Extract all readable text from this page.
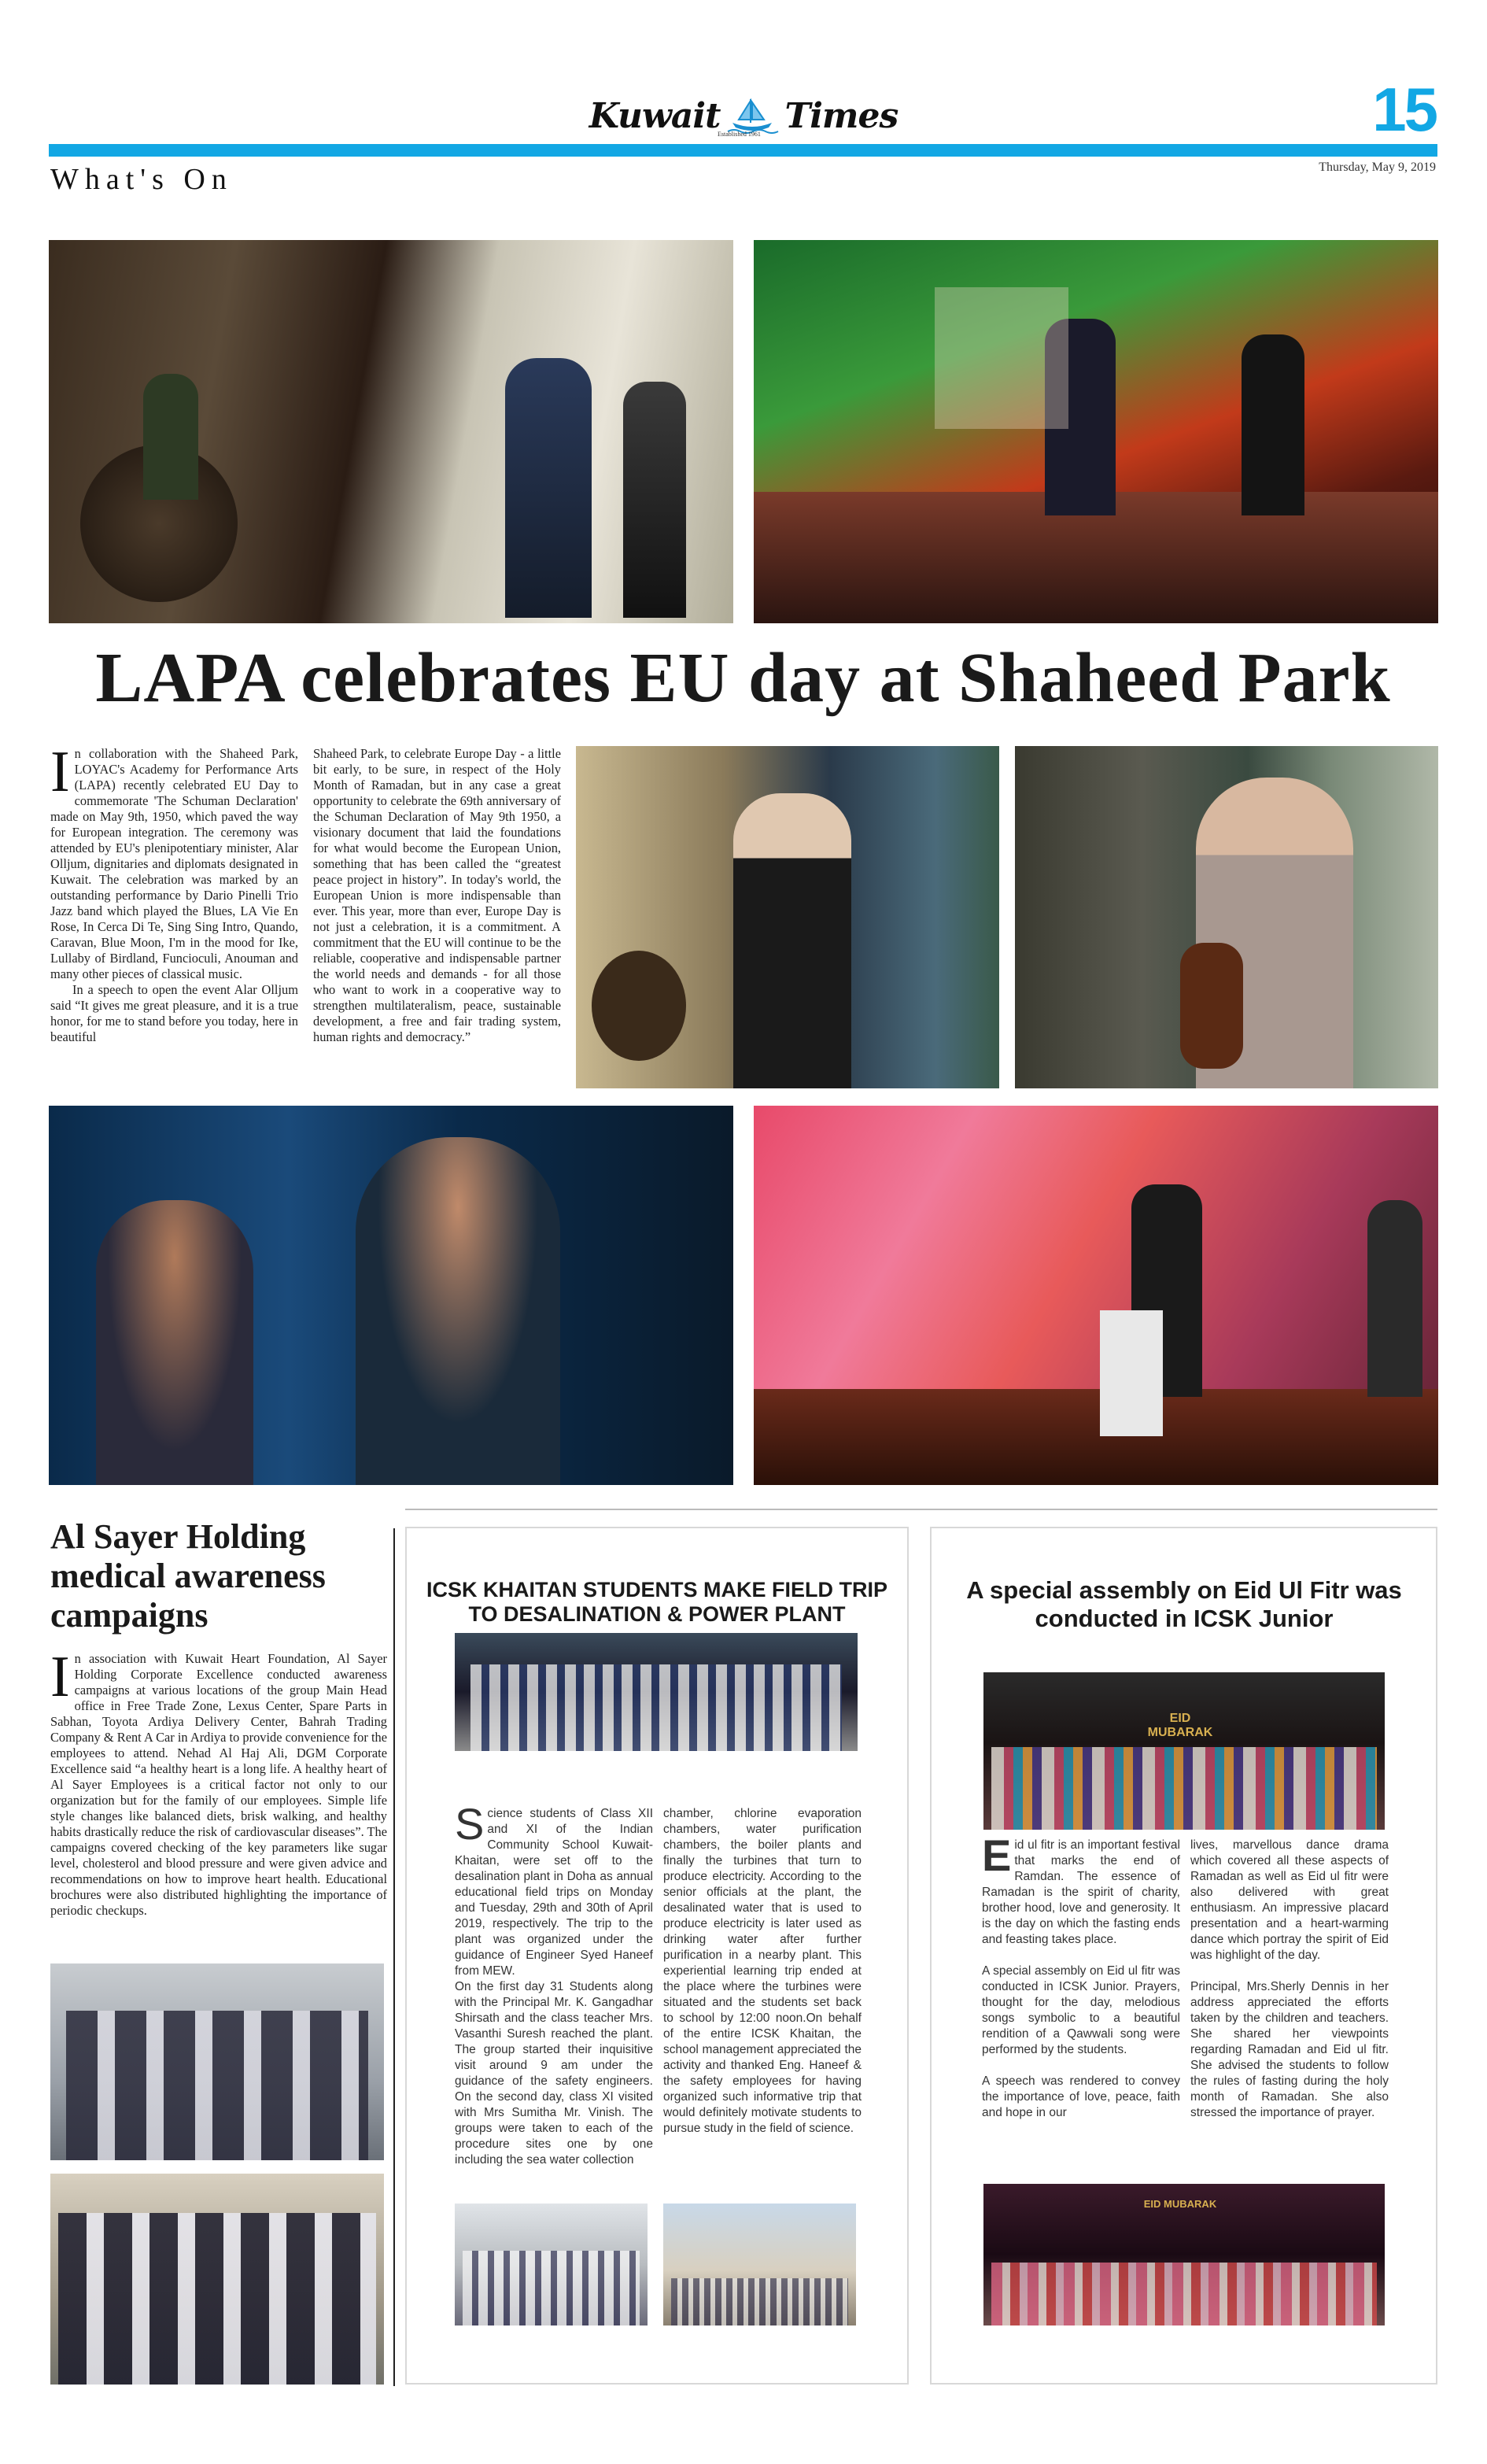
Kuwait Times
Established 1961	15
What's On	Thursday, May 9, 2019
LAPA celebrates EU day at Shaheed Park

In collaboration with the Shaheed Park, LOYAC's Academy for Performance Arts (LAPA) recently celebrated EU Day to commemorate 'The Schuman Declaration' made on May 9th, 1950, which paved the way for European integration. The ceremony was attended by EU's plenipotentiary minister, Alar Olljum, dignitaries and diplomats designated in Kuwait. The celebration was marked by an outstanding performance by Dario Pinelli Trio Jazz band which played the Blues, LA Vie En Rose, In Cerca Di Te, Sing Sing Intro, Quando, Caravan, Blue Moon, I'm in the mood for Ike, Lullaby of Birdland, Funcioculi, Anouman and many other pieces of classical music.

In a speech to open the event Alar Olljum said “It gives me great pleasure, and it is a true honor, for me to stand before you today, here in beautiful

Shaheed Park, to celebrate Europe Day - a little bit early, to be sure, in respect of the Holy Month of Ramadan, but in any case a great opportunity to celebrate the 69th anniversary of the Schuman Declaration of May 9th 1950, a visionary document that laid the foundations for what would become the European Union, something that has been called the “greatest peace project in history”. In today's world, the European Union is more indispensable than ever. This year, more than ever, Europe Day is not just a celebration, it is a commitment. A commitment that the EU will continue to be the reliable, cooperative and indispensable partner the world needs and demands - for all those who want to work in a cooperative way to strengthen multilateralism, peace, sustainable development, a free and fair trading system, human rights and democracy.”

Al Sayer Holding medical awareness campaigns

In association with Kuwait Heart Foundation, Al Sayer Holding Corporate Excellence conducted awareness campaigns at various locations of the group Main Head office in Free Trade Zone, Lexus Center, Spare Parts in Sabhan, Toyota Ardiya Delivery Center, Bahrah Trading Company & Rent A Car in Ardiya to provide convenience for the employees to attend. Nehad Al Haj Ali, DGM Corporate Excellence said “a healthy heart is a long life. A healthy heart of Al Sayer Employees is a critical factor not only to our organization but for the family of our employees. Simple life style changes like balanced diets, brisk walking, and healthy habits drastically reduce the risk of cardiovascular diseases”. The campaigns covered checking of the key parameters like sugar level, cholesterol and blood pressure and were given advice and recommendations on how to improve heart health. Educational brochures were also distributed highlighting the importance of periodic checkups.

ICSK KHAITAN STUDENTS MAKE FIELD TRIP TO DESALINATION & POWER PLANT

Science students of Class XII and XI of the Indian Community School Kuwait-Khaitan, were set off to the desalination plant in Doha as annual educational field trips on Monday and Tuesday, 29th and 30th of April 2019, respectively. The trip to the plant was organized under the guidance of Engineer Syed Haneef from MEW.

On the first day 31 Students along with the Principal Mr. K. Gangadhar Shirsath and the class teacher Mrs. Vasanthi Suresh reached the plant. The group started their inquisitive visit around 9 am under the guidance of the safety engineers. On the second day, class XI visited with Mrs Sumitha Mr. Vinish. The groups were taken to each of the procedure sites one by one including the sea water collection

chamber, chlorine evaporation chambers, water purification chambers, the boiler plants and finally the turbines that turn to produce electricity. According to the senior officials at the plant, the desalinated water that is used to produce electricity is later used as drinking water after further purification in a nearby plant. This experiential learning trip ended at the place where the turbines were situated and the students set back to school by 12:00 noon.On behalf of the entire ICSK Khaitan, the school management appreciated the activity and thanked Eng. Haneef & the safety employees for having organized such informative trip that would definitely motivate students to pursue study in the field of science.

A special assembly on Eid Ul Fitr was conducted in ICSK Junior
EID MUBARAK

Eid ul fitr is an important festival that marks the end of Ramdan. The essence of Ramadan is the spirit of charity, brother hood, love and generosity. It is the day on which the fasting ends and feasting takes place.

A special assembly on Eid ul fitr was conducted in ICSK Junior. Prayers, thought for the day, melodious songs symbolic to a beautiful rendition of a Qawwali song were performed by the students.

A speech was rendered to convey the importance of love, peace, faith and hope in our

lives, marvellous dance drama which covered all these aspects of Ramadan as well as Eid ul fitr were also delivered with great enthusiasm. An impressive placard presentation and a heart-warming dance which portray the spirit of Eid was highlight of the day.

Principal, Mrs.Sherly Dennis in her address appreciated the efforts taken by the children and teachers. She shared her viewpoints regarding Ramadan and Eid ul fitr. She advised the students to follow the rules of fasting during the holy month of Ramadan. She also stressed the importance of prayer.

EID MUBARAK
